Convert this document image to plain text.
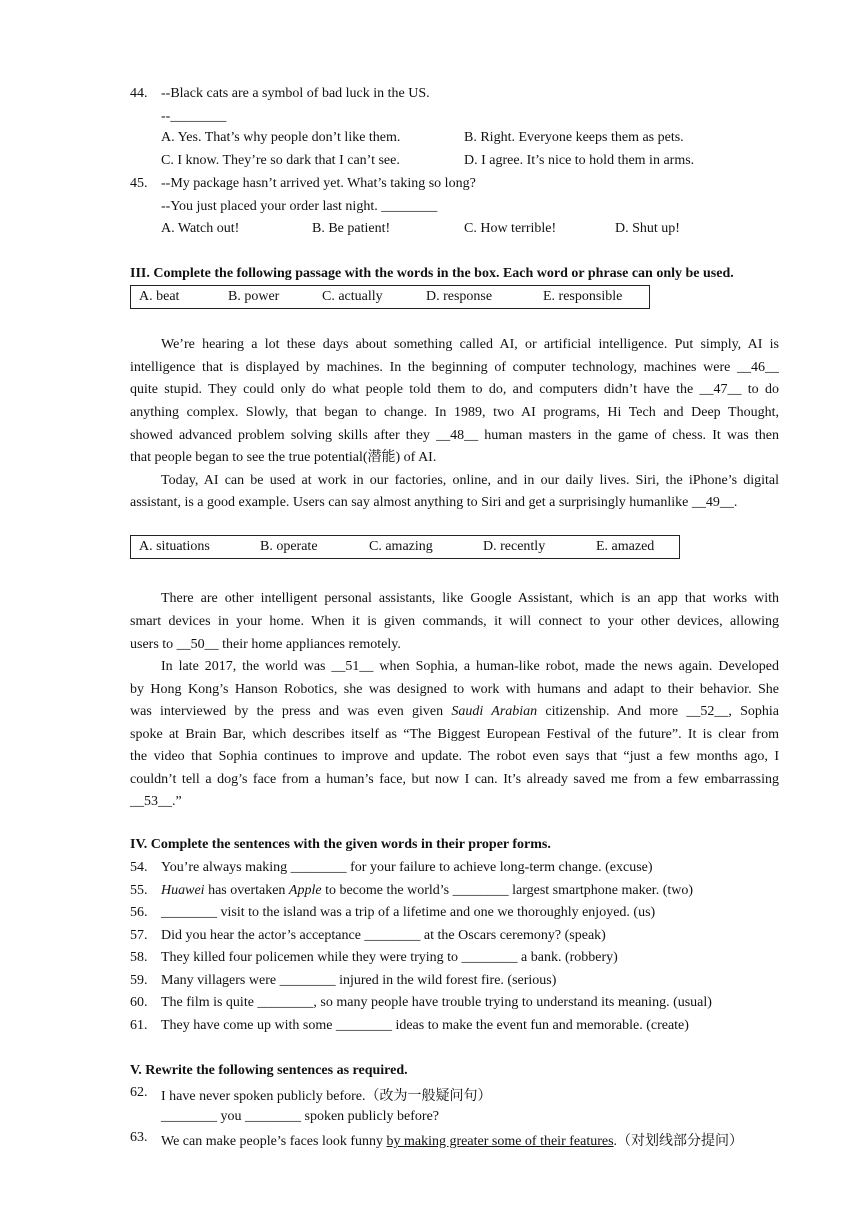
44. --Black cats are a symbol of bad luck in the US.
--________
A. Yes. That’s why people don’t like them.	B. Right. Everyone keeps them as pets.
C. I know. They’re so dark that I can’t see.	D. I agree. It’s nice to hold them in arms.
45. --My package hasn’t arrived yet. What’s taking so long?
--You just placed your order last night. ________
A. Watch out!	B. Be patient!	C. How terrible!	D. Shut up!
III. Complete the following passage with the words in the box. Each word or phrase can only be used.
A. beat	B. power	C. actually	D. response	E. responsible
We’re hearing a lot these days about something called AI, or artificial intelligence. Put simply, AI is
intelligence that is displayed by machines. In the beginning of computer technology, machines were __46__
quite stupid. They could only do what people told them to do, and computers didn’t have the __47__ to do
anything complex. Slowly, that began to change. In 1989, two AI programs, Hi Tech and Deep Thought,
showed advanced problem solving skills after they __48__ human masters in the game of chess. It was then
that people began to see the true potential(潜能) of AI.
Today, AI can be used at work in our factories, online, and in our daily lives. Siri, the iPhone’s digital
assistant, is a good example. Users can say almost anything to Siri and get a surprisingly humanlike __49__.
A. situations	B. operate	C. amazing	D. recently	E. amazed
There are other intelligent personal assistants, like Google Assistant, which is an app that works with
smart devices in your home. When it is given commands, it will connect to your other devices, allowing
users to __50__ their home appliances remotely.
In late 2017, the world was __51__ when Sophia, a human-like robot, made the news again. Developed
by Hong Kong’s Hanson Robotics, she was designed to work with humans and adapt to their behavior. She
was interviewed by the press and was even given Saudi Arabian citizenship. And more __52__, Sophia
spoke at Brain Bar, which describes itself as “The Biggest European Festival of the future”. It is clear from
the video that Sophia continues to improve and update. The robot even says that “just a few months ago, I
couldn’t tell a dog’s face from a human’s face, but now I can. It’s already saved me from a few embarrassing
__53__.”
IV. Complete the sentences with the given words in their proper forms.
54. You’re always making ________ for your failure to achieve long-term change. (excuse)
55. Huawei has overtaken Apple to become the world’s ________ largest smartphone maker. (two)
56. ________ visit to the island was a trip of a lifetime and one we thoroughly enjoyed. (us)
57. Did you hear the actor’s acceptance ________ at the Oscars ceremony? (speak)
58. They killed four policemen while they were trying to ________ a bank. (robbery)
59. Many villagers were ________ injured in the wild forest fire. (serious)
60. The film is quite ________, so many people have trouble trying to understand its meaning. (usual)
61. They have come up with some ________ ideas to make the event fun and memorable. (create)
V. Rewrite the following sentences as required.
62. I have never spoken publicly before.（改为一般疑问句）
________ you ________ spoken publicly before?
63. We can make people’s faces look funny by making greater some of their features.（对划线部分提问）
